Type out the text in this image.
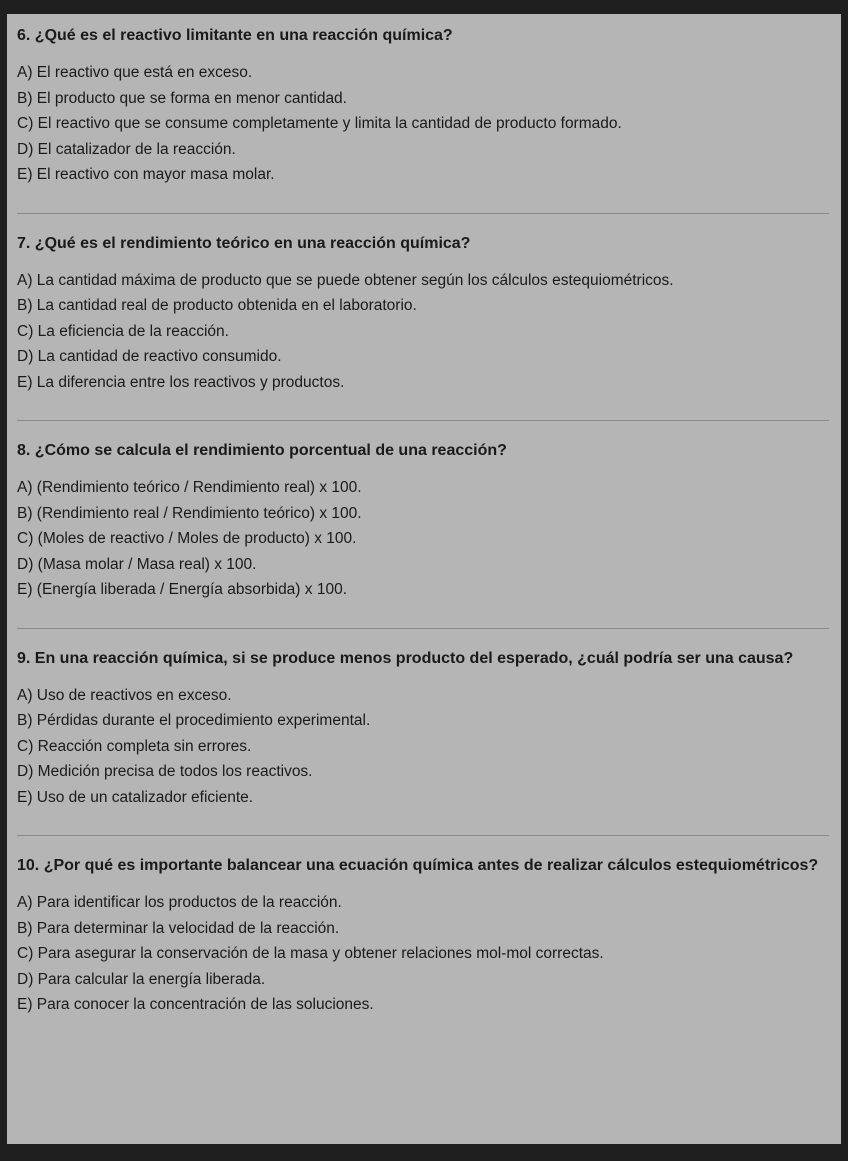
6. ¿Qué es el reactivo limitante en una reacción química?

A) El reactivo que está en exceso.

B) El producto que se forma en menor cantidad.

C) El reactivo que se consume completamente y limita la cantidad de producto formado.

D) El catalizador de la reacción.

E) El reactivo con mayor masa molar.

7. ¿Qué es el rendimiento teórico en una reacción química?

A) La cantidad máxima de producto que se puede obtener según los cálculos estequiométricos.

B) La cantidad real de producto obtenida en el laboratorio.

C) La eficiencia de la reacción.

D) La cantidad de reactivo consumido.

E) La diferencia entre los reactivos y productos.

8. ¿Cómo se calcula el rendimiento porcentual de una reacción?

A) (Rendimiento teórico / Rendimiento real) x 100.

B) (Rendimiento real / Rendimiento teórico) x 100.

C) (Moles de reactivo / Moles de producto) x 100.

D) (Masa molar / Masa real) x 100.

E) (Energía liberada / Energía absorbida) x 100.

9. En una reacción química, si se produce menos producto del esperado, ¿cuál podría ser una causa?

A) Uso de reactivos en exceso.

B) Pérdidas durante el procedimiento experimental.

C) Reacción completa sin errores.

D) Medición precisa de todos los reactivos.

E) Uso de un catalizador eficiente.

10. ¿Por qué es importante balancear una ecuación química antes de realizar cálculos estequiométricos?

A) Para identificar los productos de la reacción.

B) Para determinar la velocidad de la reacción.

C) Para asegurar la conservación de la masa y obtener relaciones mol-mol correctas.

D) Para calcular la energía liberada.

E) Para conocer la concentración de las soluciones.
